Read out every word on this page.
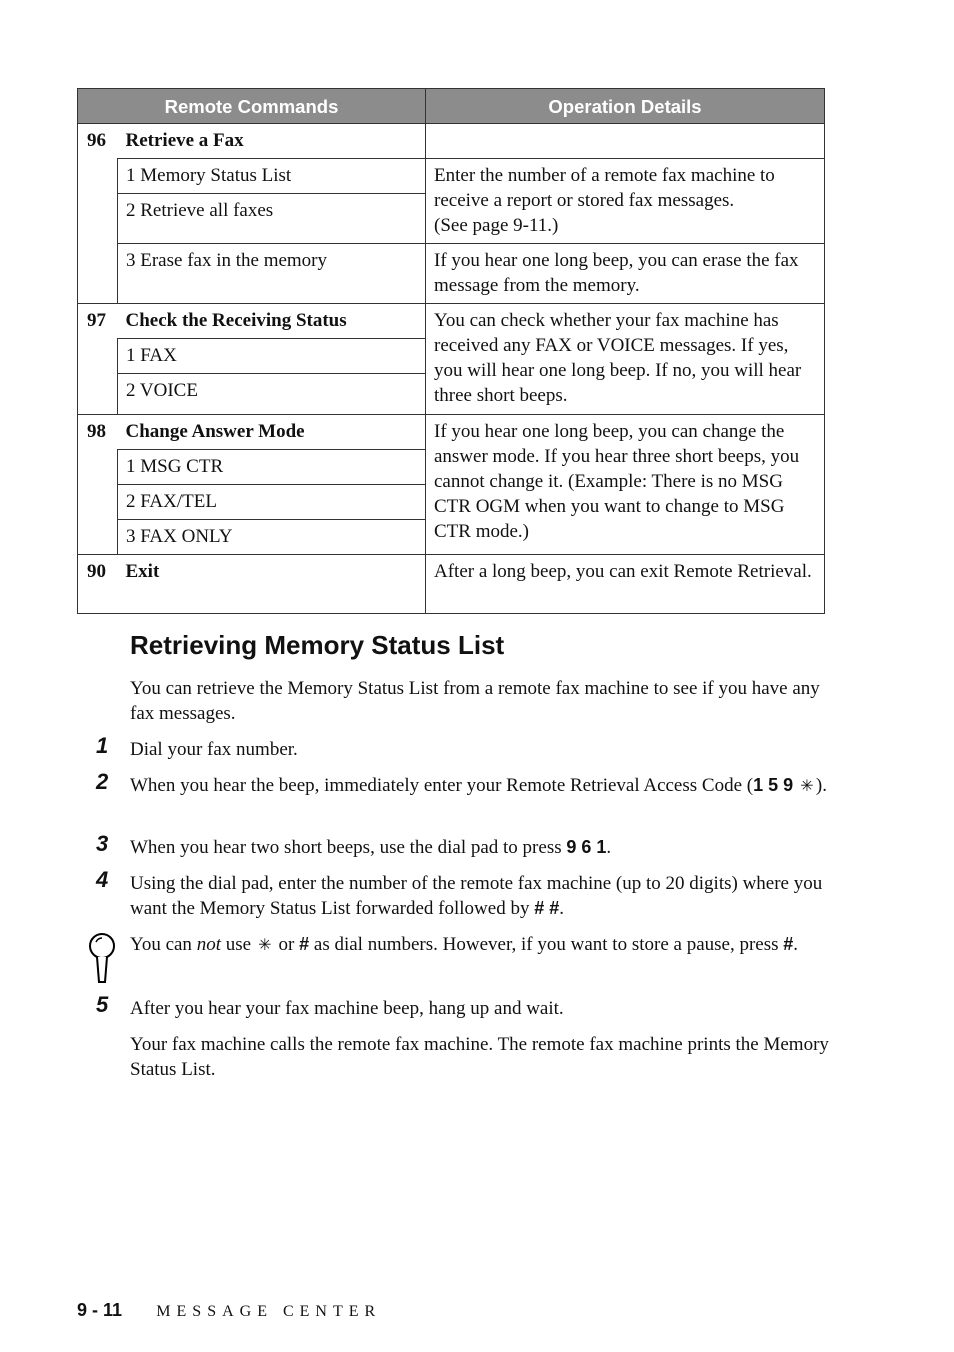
Remote Commands		Operation Details
96	Retrieve a Fax	
	1 Memory Status List	Enter the number of a remote fax machine to receive a report or stored fax messages.
(See page 9-11.)
	2 Retrieve all faxes	
	3 Erase fax in the memory	If you hear one long beep, you can erase the fax message from the memory.
97	Check the Receiving Status	You can check whether your fax machine has received any FAX or VOICE messages. If yes, you will hear one long beep. If no, you will hear three short beeps.
	1 FAX	
	2 VOICE	
98	Change Answer Mode	If you hear one long beep, you can change the answer mode. If you hear three short beeps, you cannot change it. (Example: There is no MSG CTR OGM when you want to change to MSG CTR mode.)
	1 MSG CTR	
	2 FAX/TEL	
	3 FAX ONLY	
90	Exit	After a long beep, you can exit Remote Retrieval.
Retrieving Memory Status List

You can retrieve the Memory Status List from a remote fax machine to see if you have any fax messages.

1 Dial your fax number.

2 When you hear the beep, immediately enter your Remote Retrieval Access Code (1 5 9 ✳ ).

3 When you hear two short beeps, use the dial pad to press 9 6 1.

4 Using the dial pad, enter the number of the remote fax machine (up to 20 digits) where you want the Memory Status List forwarded followed by # #.

You can not use ✳ or # as dial numbers. However, if you want to store a pause, press #.

5 After you hear your fax machine beep, hang up and wait.

Your fax machine calls the remote fax machine. The remote fax machine prints the Memory Status List.

9 - 11 MESSAGE CENTER
